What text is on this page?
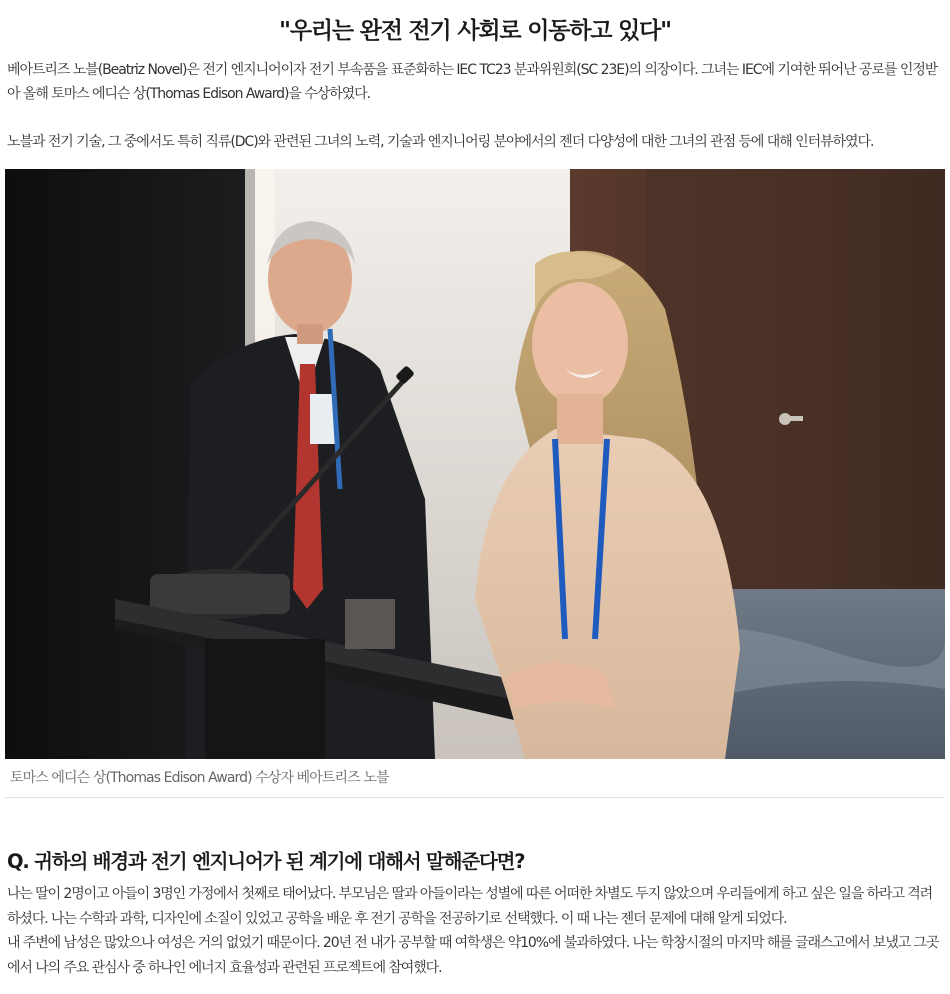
"우리는 완전 전기 사회로 이동하고 있다"

베아트리즈 노블(Beatriz Novel)은 전기 엔지니어이자 전기 부속품을 표준화하는 IEC TC23 분과위원회(SC 23E)의 의장이다. 그녀는 IEC에 기여한 뛰어난 공로를 인정받아 올해 토마스 에디슨 상(Thomas Edison Award)을 수상하였다.

노블과 전기 기술, 그 중에서도 특히 직류(DC)와 관련된 그녀의 노력, 기술과 엔지니어링 분야에서의 젠더 다양성에 대한 그녀의 관점 등에 대해 인터뷰하였다.

토마스 에디슨 상(Thomas Edison Award) 수상자 베아트리즈 노블
Q. 귀하의 배경과 전기 엔지니어가 된 계기에 대해서 말해준다면?

나는 딸이 2명이고 아들이 3명인 가정에서 첫째로 태어났다. 부모님은 딸과 아들이라는 성별에 따른 어떠한 차별도 두지 않았으며 우리들에게 하고 싶은 일을 하라고 격려하셨다. 나는 수학과 과학, 디자인에 소질이 있었고 공학을 배운 후 전기 공학을 전공하기로 선택했다. 이 때 나는 젠더 문제에 대해 알게 되었다.

내 주변에 남성은 많았으나 여성은 거의 없었기 때문이다. 20년 전 내가 공부할 때 여학생은 약10%에 불과하였다. 나는 학창시절의 마지막 해를 글래스고에서 보냈고 그곳에서 나의 주요 관심사 중 하나인 에너지 효율성과 관련된 프로젝트에 참여했다.
